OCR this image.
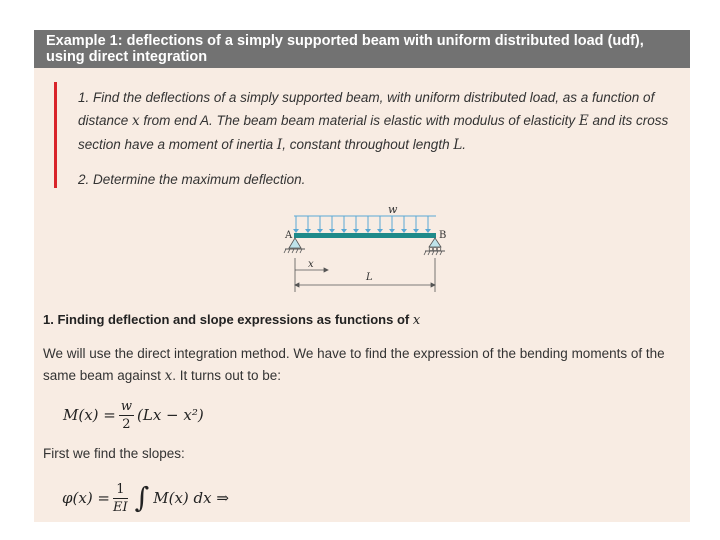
Example 1: deflections of a simply supported beam with uniform distributed load (udf), using direct integration
1. Find the deflections of a simply supported beam, with uniform distributed load, as a function of distance x from end A. The beam beam material is elastic with modulus of elasticity E and its cross section have a moment of inertia I, constant throughout length L.
2. Determine the maximum deflection.
w
A	B
x
L
1. Finding deflection and slope expressions as functions of x
We will use the direct integration method. We have to find the expression of the bending moments of the same beam against x. It turns out to be:
$M(x) = \frac{w}{2} (Lx - x^2)$
First we find the slopes:
$\varphi(x) = \frac{1}{EI}$ ∫ M(x) dx ⇒
